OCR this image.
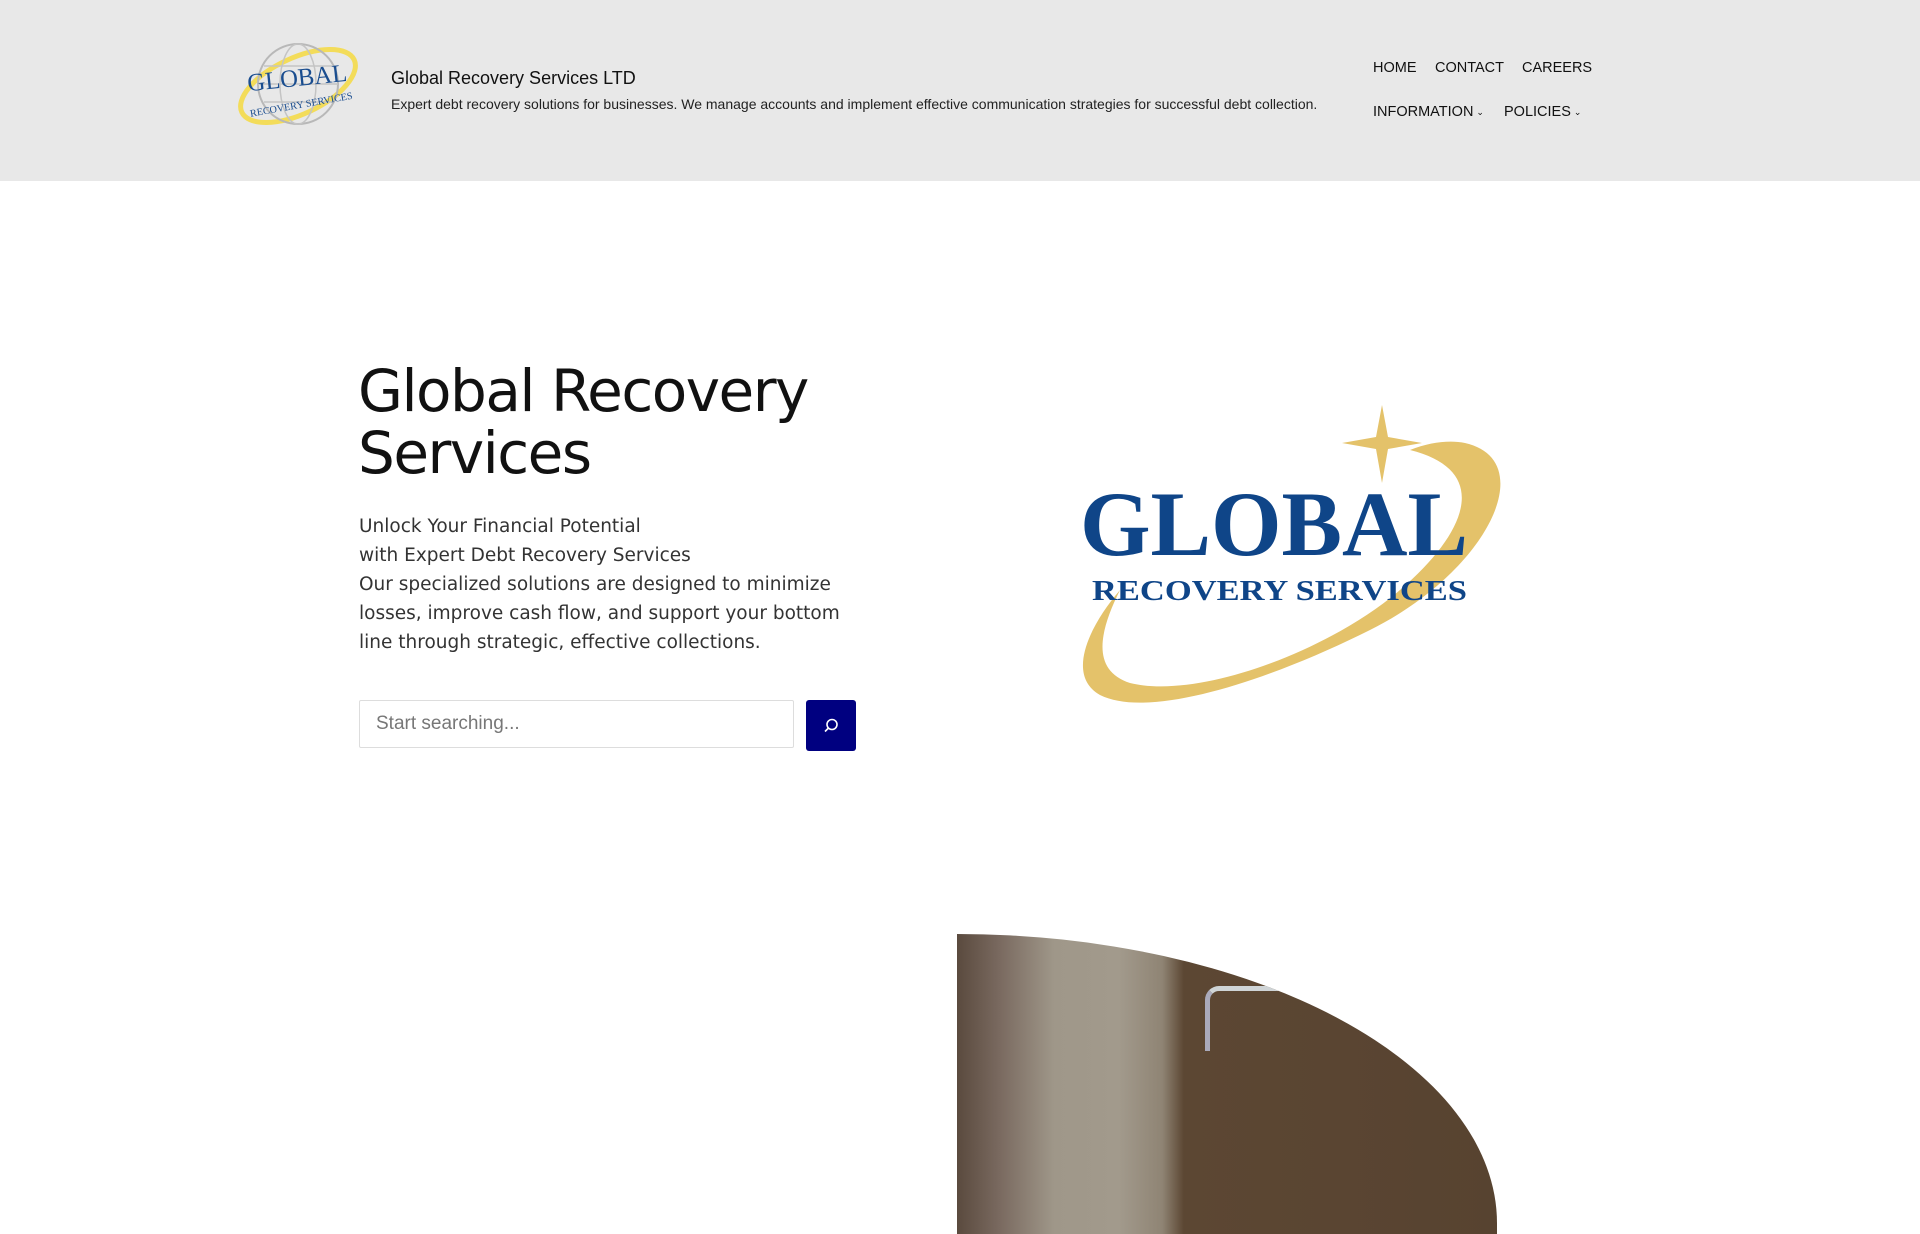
GLOBAL
RECOVERY SERVICES
Global Recovery Services LTD
Expert debt recovery solutions for businesses. We manage accounts and implement effective communication strategies for successful debt collection.
HOME CONTACT CAREERS
INFORMATION ⌄ POLICIES ⌄
Global Recovery Services

Unlock Your Financial Potential
with Expert Debt Recovery Services
Our specialized solutions are designed to minimize losses, improve cash flow, and support your bottom line through strategic, effective collections.

Start searching...
GLOBAL
RECOVERY SERVICES
